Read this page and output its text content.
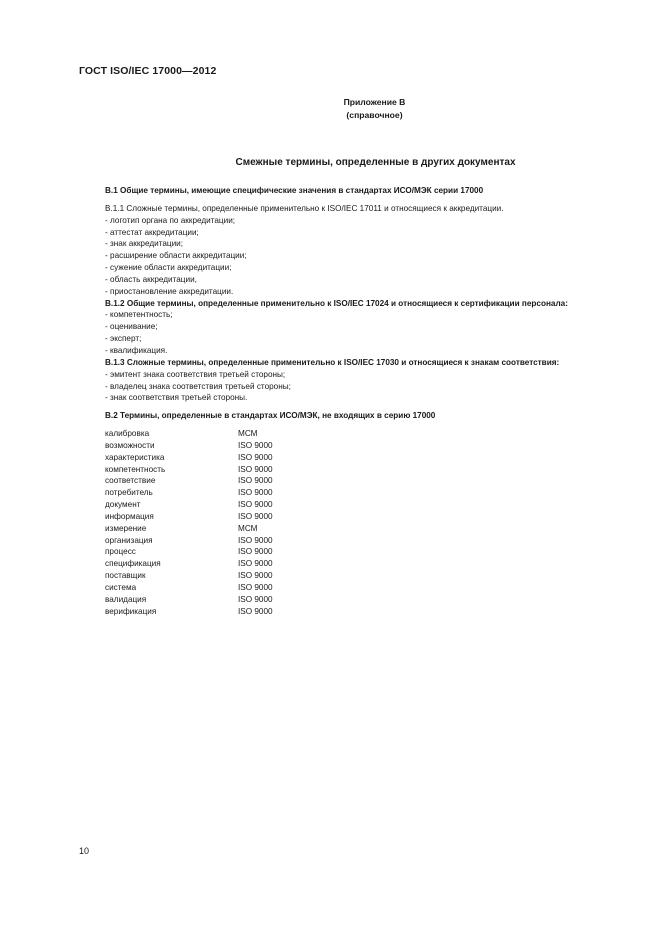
ГОСТ ISO/IEC 17000—2012
Приложение В
(справочное)
Смежные термины, определенные в других документах
В.1 Общие термины, имеющие специфические значения в стандартах ИСО/МЭК серии 17000
В.1.1 Сложные термины, определенные применительно к ISO/IEC 17011 и относящиеся к аккредитации.
- логотип органа по аккредитации;
- аттестат аккредитации;
- знак аккредитации;
- расширение области аккредитации;
- сужение области аккредитации;
- область аккредитации,
- приостановление аккредитации.
В.1.2 Общие термины, определенные применительно к ISO/IEC 17024 и относящиеся к сертификации персонала:
- компетентность;
- оценивание;
- эксперт;
- квалификация.
В.1.3 Сложные термины, определенные применительно к ISO/IEC 17030 и относящиеся к знакам соответствия:
- эмитент знака соответствия третьей стороны;
- владелец знака соответствия третьей стороны;
- знак соответствия третьей стороны.
В.2 Термины, определенные в стандартах ИСО/МЭК, не входящих в серию 17000
калибровка	МСМ
возможности	ISO 9000
характеристика	ISO 9000
компетентность	ISO 9000
соответствие	ISO 9000
потребитель	ISO 9000
документ	ISO 9000
информация	ISO 9000
измерение	МСМ
организация	ISO 9000
процесс	ISO 9000
спецификация	ISO 9000
поставщик	ISO 9000
система	ISO 9000
валидация	ISO 9000
верификация	ISO 9000
10
